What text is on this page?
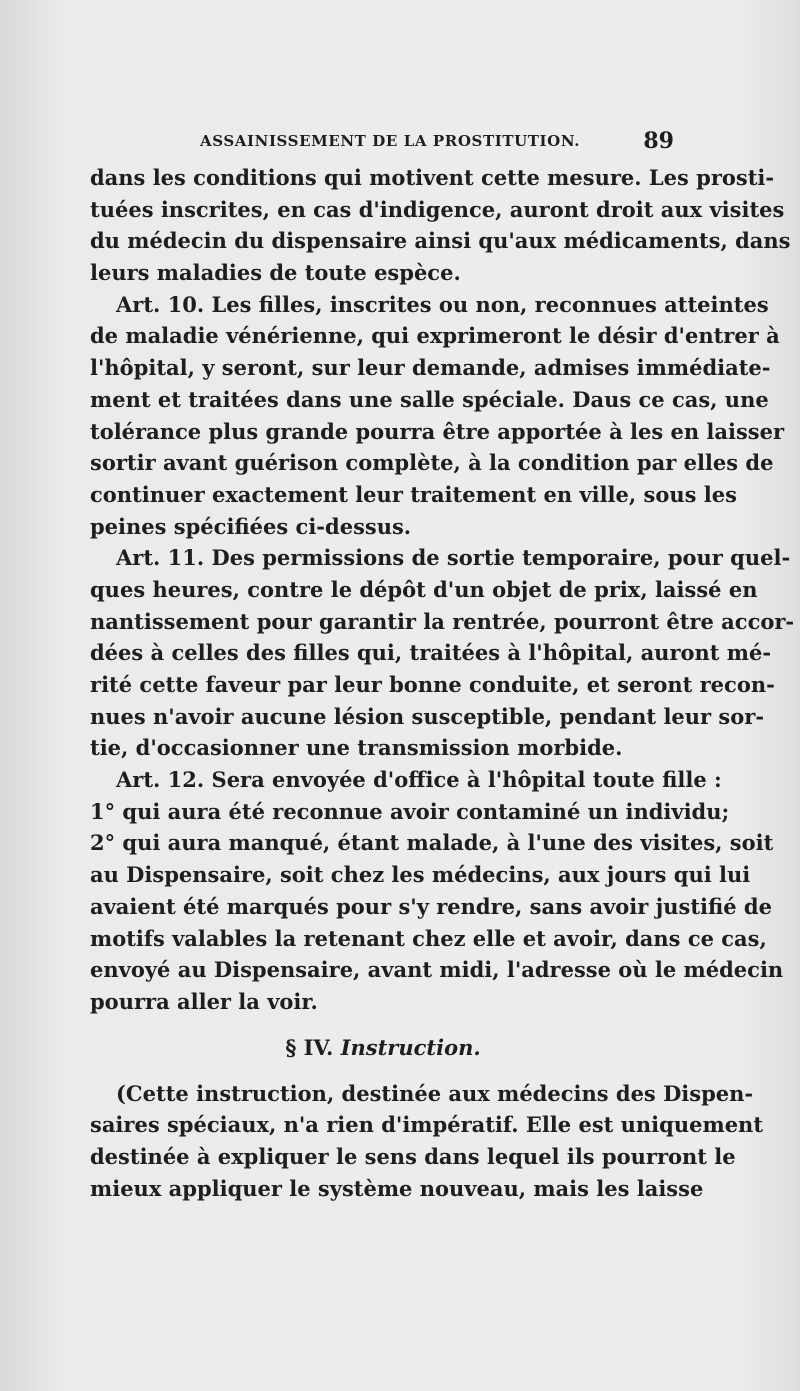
ASSAINISSEMENT DE LA PROSTITUTION.	89
dans les conditions qui motivent cette mesure. Les prosti-
tuées inscrites, en cas d'indigence, auront droit aux visites
du médecin du dispensaire ainsi qu'aux médicaments, dans
leurs maladies de toute espèce.
Art. 10. Les filles, inscrites ou non, reconnues atteintes
de maladie vénérienne, qui exprimeront le désir d'entrer à
l'hôpital, y seront, sur leur demande, admises immédiate-
ment et traitées dans une salle spéciale. Daus ce cas, une
tolérance plus grande pourra être apportée à les en laisser
sortir avant guérison complète, à la condition par elles de
continuer exactement leur traitement en ville, sous les
peines spécifiées ci-dessus.
Art. 11. Des permissions de sortie temporaire, pour quel-
ques heures, contre le dépôt d'un objet de prix, laissé en
nantissement pour garantir la rentrée, pourront être accor-
dées à celles des filles qui, traitées à l'hôpital, auront mé-
rité cette faveur par leur bonne conduite, et seront recon-
nues n'avoir aucune lésion susceptible, pendant leur sor-
tie, d'occasionner une transmission morbide.
Art. 12. Sera envoyée d'office à l'hôpital toute fille :
1° qui aura été reconnue avoir contaminé un individu;
2° qui aura manqué, étant malade, à l'une des visites, soit
au Dispensaire, soit chez les médecins, aux jours qui lui
avaient été marqués pour s'y rendre, sans avoir justifié de
motifs valables la retenant chez elle et avoir, dans ce cas,
envoyé au Dispensaire, avant midi, l'adresse où le médecin
pourra aller la voir.
§ IV. Instruction.
(Cette instruction, destinée aux médecins des Dispen-
saires spéciaux, n'a rien d'impératif. Elle est uniquement
destinée à expliquer le sens dans lequel ils pourront le
mieux appliquer le système nouveau, mais les laisse
